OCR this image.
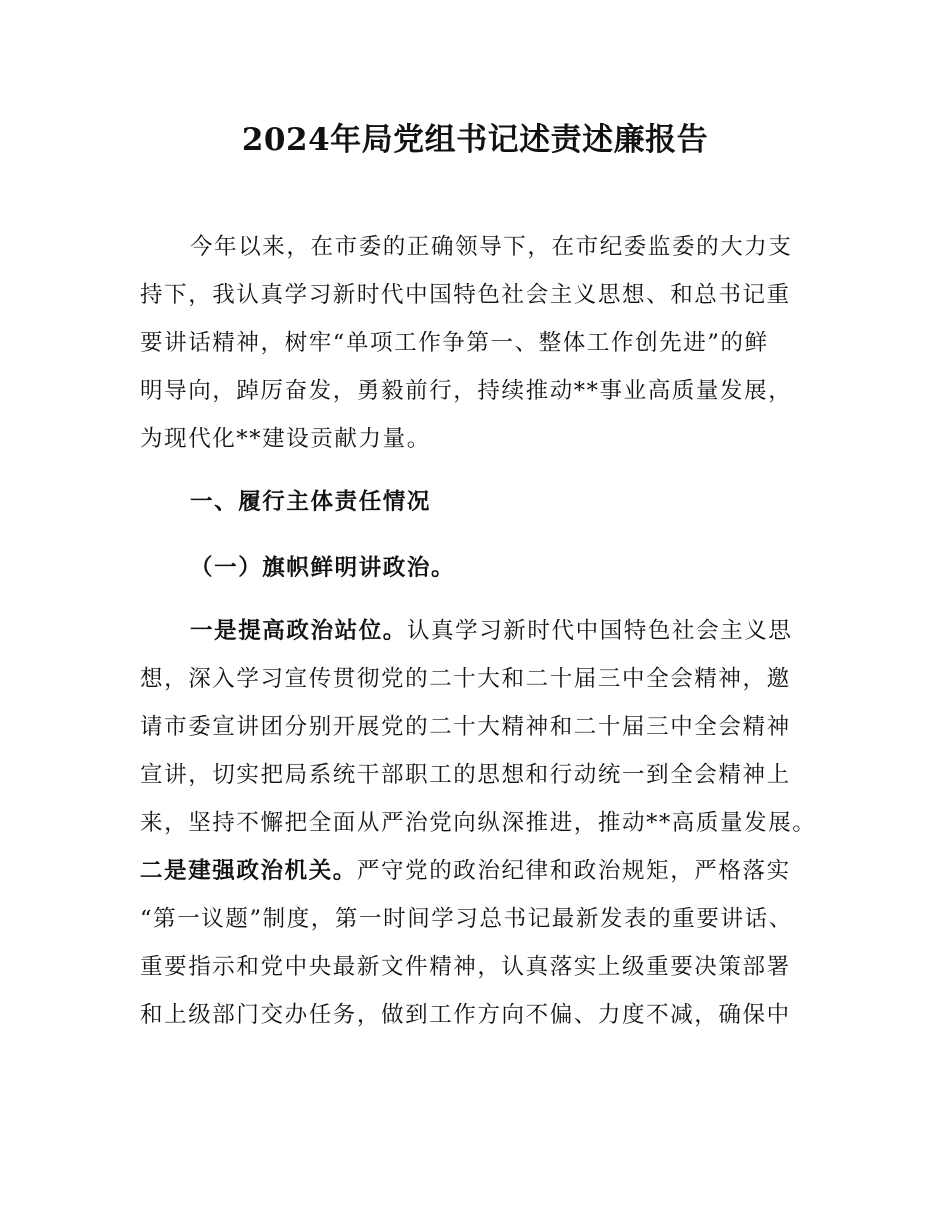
2024年局党组书记述责述廉报告
今年以来，在市委的正确领导下，在市纪委监委的大力支
持下，我认真学习新时代中国特色社会主义思想、和总书记重
要讲话精神，树牢“单项工作争第一、整体工作创先进”的鲜
明导向，踔厉奋发，勇毅前行，持续推动**事业高质量发展，
为现代化**建设贡献力量。
一、履行主体责任情况
（一）旗帜鲜明讲政治。
一是提高政治站位。认真学习新时代中国特色社会主义思
想，深入学习宣传贯彻党的二十大和二十届三中全会精神，邀
请市委宣讲团分别开展党的二十大精神和二十届三中全会精神
宣讲，切实把局系统干部职工的思想和行动统一到全会精神上
来，坚持不懈把全面从严治党向纵深推进，推动**高质量发展。
二是建强政治机关。严守党的政治纪律和政治规矩，严格落实
“第一议题”制度，第一时间学习总书记最新发表的重要讲话、
重要指示和党中央最新文件精神，认真落实上级重要决策部署
和上级部门交办任务，做到工作方向不偏、力度不减，确保中
